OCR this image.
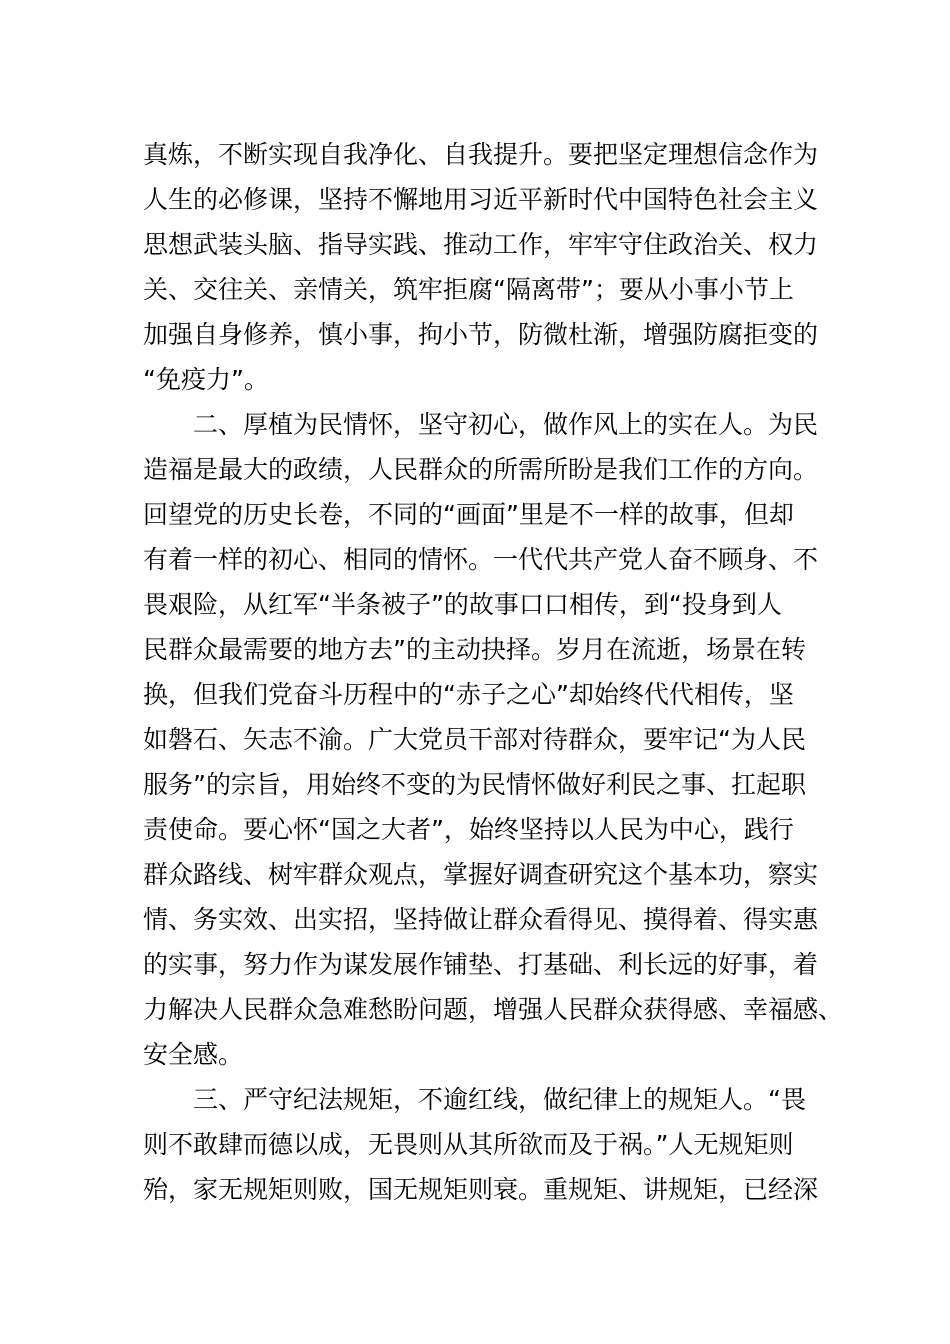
真炼，不断实现自我净化、自我提升。要把坚定理想信念作为
人生的必修课，坚持不懈地用习近平新时代中国特色社会主义
思想武装头脑、指导实践、推动工作，牢牢守住政治关、权力
关、交往关、亲情关，筑牢拒腐“隔离带”；要从小事小节上
加强自身修养，慎小事，拘小节，防微杜渐，增强防腐拒变的
“免疫力”。
二、厚植为民情怀，坚守初心，做作风上的实在人。为民
造福是最大的政绩，人民群众的所需所盼是我们工作的方向。
回望党的历史长卷，不同的“画面”里是不一样的故事，但却
有着一样的初心、相同的情怀。一代代共产党人奋不顾身、不
畏艰险，从红军“半条被子”的故事口口相传，到“投身到人
民群众最需要的地方去”的主动抉择。岁月在流逝，场景在转
换，但我们党奋斗历程中的“赤子之心”却始终代代相传，坚
如磐石、矢志不渝。广大党员干部对待群众，要牢记“为人民
服务”的宗旨，用始终不变的为民情怀做好利民之事、扛起职
责使命。要心怀“国之大者”，始终坚持以人民为中心，践行
群众路线、树牢群众观点，掌握好调查研究这个基本功，察实
情、务实效、出实招，坚持做让群众看得见、摸得着、得实惠
的实事，努力作为谋发展作铺垫、打基础、利长远的好事，着
力解决人民群众急难愁盼问题，增强人民群众获得感、幸福感、
安全感。
三、严守纪法规矩，不逾红线，做纪律上的规矩人。“畏
则不敢肆而德以成，无畏则从其所欲而及于祸。”人无规矩则
殆，家无规矩则败，国无规矩则衰。重规矩、讲规矩，已经深
